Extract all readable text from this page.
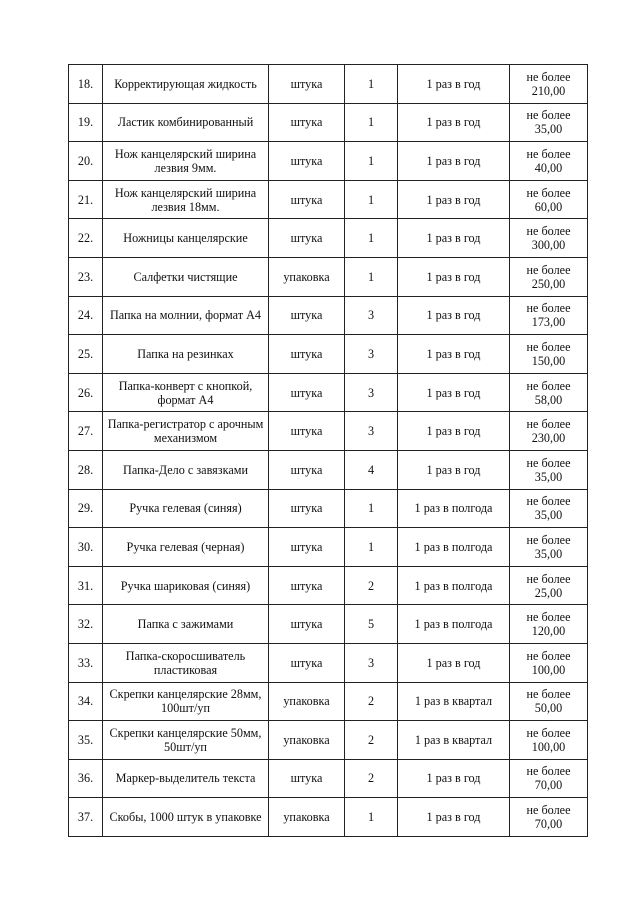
18.	Корректирующая жидкость	штука	1	1 раз в год	не более
210,00

19.	Ластик комбинированный	штука	1	1 раз в год	не более
35,00

20.	Нож канцелярский ширина лезвия 9мм.	штука	1	1 раз в год	не более
40,00

21.	Нож канцелярский ширина лезвия 18мм.	штука	1	1 раз в год	не более
60,00

22.	Ножницы канцелярские	штука	1	1 раз в год	не более
300,00

23.	Салфетки чистящие	упаковка	1	1 раз в год	не более
250,00

24.	Папка на молнии, формат А4	штука	3	1 раз в год	не более
173,00

25.	Папка на резинках	штука	3	1 раз в год	не более
150,00

26.	Папка-конверт с кнопкой, формат А4	штука	3	1 раз в год	не более
58,00

27.	Папка-регистратор с арочным механизмом	штука	3	1 раз в год	не более
230,00

28.	Папка-Дело с завязками	штука	4	1 раз в год	не более
35,00

29.	Ручка гелевая (синяя)	штука	1	1 раз в полгода	не более
35,00

30.	Ручка гелевая (черная)	штука	1	1 раз в полгода	не более
35,00

31.	Ручка шариковая (синяя)	штука	2	1 раз в полгода	не более
25,00

32.	Папка с зажимами	штука	5	1 раз в полгода	не более
120,00

33.	Папка-скоросшиватель пластиковая	штука	3	1 раз в год	не более
100,00

34.	Скрепки канцелярские 28мм, 100шт/уп	упаковка	2	1 раз в квартал	не более
50,00

35.	Скрепки канцелярские 50мм, 50шт/уп	упаковка	2	1 раз в квартал	не более
100,00

36.	Маркер-выделитель текста	штука	2	1 раз в год	не более
70,00

37.	Скобы, 1000 штук в упаковке	упаковка	1	1 раз в год	не более
70,00
